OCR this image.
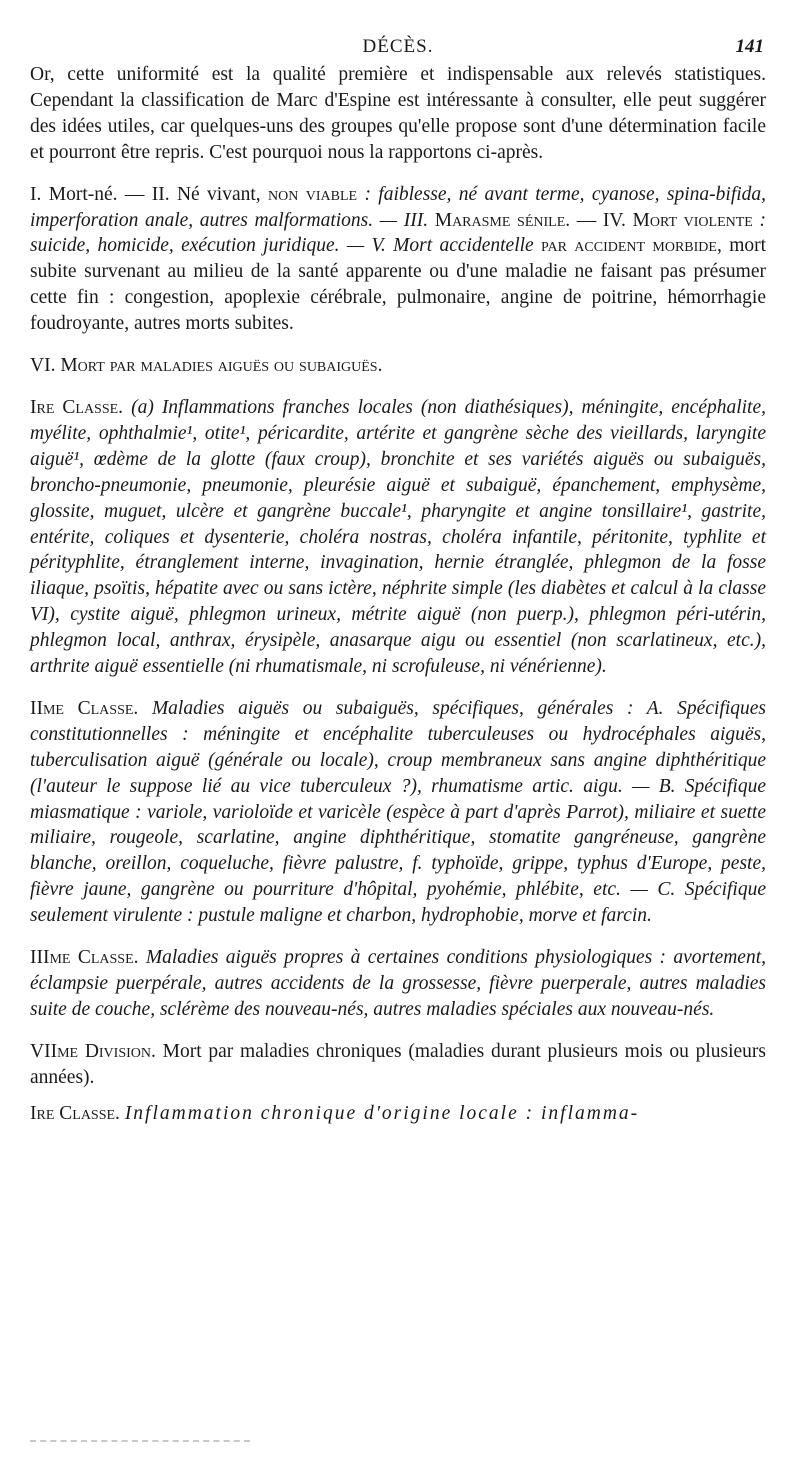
DÉCÈS.	141

Or, cette uniformité est la qualité première et indispensable aux relevés statistiques. Cependant la classification de Marc d'Espine est intéressante à consulter, elle peut suggérer des idées utiles, car quelques-uns des groupes qu'elle propose sont d'une détermination facile et pourront être repris. C'est pourquoi nous la rapportons ci-après.

I. Mort-né. — II. Né vivant, non viable : faiblesse, né avant terme, cyanose, spina-bifida, imperforation anale, autres malformations. — III. Marasme sénile. — IV. Mort violente : suicide, homicide, exécution juridique. — V. Mort accidentelle par accident morbide, mort subite survenant au milieu de la santé apparente ou d'une maladie ne faisant pas présumer cette fin : congestion, apoplexie cérébrale, pulmonaire, angine de poitrine, hémorrhagie foudroyante, autres morts subites.

VI. Mort par maladies aiguës ou subaiguës.

Ire Classe. (a) Inflammations franches locales (non diathésiques), méningite, encéphalite, myélite, ophthalmie¹, otite¹, péricardite, artérite et gangrène sèche des vieillards, laryngite aiguë¹, œdème de la glotte (faux croup), bronchite et ses variétés aiguës ou subaiguës, broncho-pneumonie, pneumonie, pleurésie aiguë et subaiguë, épanchement, emphysème, glossite, muguet, ulcère et gangrène buccale¹, pharyngite et angine tonsillaire¹, gastrite, entérite, coliques et dysenterie, choléra nostras, choléra infantile, péritonite, typhlite et pérityphlite, étranglement interne, invagination, hernie étranglée, phlegmon de la fosse iliaque, psoïtis, hépatite avec ou sans ictère, néphrite simple (les diabètes et calcul à la classe VI), cystite aiguë, phlegmon urineux, métrite aiguë (non puerp.), phlegmon péri-utérin, phlegmon local, anthrax, érysipèle, anasarque aigu ou essentiel (non scarlatineux, etc.), arthrite aiguë essentielle (ni rhumatismale, ni scrofuleuse, ni vénérienne).

IIme Classe. Maladies aiguës ou subaiguës, spécifiques, générales : A. Spécifiques constitutionnelles : méningite et encéphalite tuberculeuses ou hydrocéphales aiguës, tuberculisation aiguë (générale ou locale), croup membraneux sans angine diphthéritique (l'auteur le suppose lié au vice tuberculeux ?), rhumatisme artic. aigu. — B. Spécifique miasmatique : variole, varioloïde et varicèle (espèce à part d'après Parrot), miliaire et suette miliaire, rougeole, scarlatine, angine diphthéritique, stomatite gangréneuse, gangrène blanche, oreillon, coqueluche, fièvre palustre, f. typhoïde, grippe, typhus d'Europe, peste, fièvre jaune, gangrène ou pourriture d'hôpital, pyohémie, phlébite, etc. — C. Spécifique seulement virulente : pustule maligne et charbon, hydrophobie, morve et farcin.

IIIme Classe. Maladies aiguës propres à certaines conditions physiologiques : avortement, éclampsie puerpérale, autres accidents de la grossesse, fièvre puerperale, autres maladies suite de couche, sclérème des nouveau-nés, autres maladies spéciales aux nouveau-nés.

VIIme Division. Mort par maladies chroniques (maladies durant plusieurs mois ou plusieurs années).

Ire Classe. Inflammation chronique d'origine locale : inflamma-
